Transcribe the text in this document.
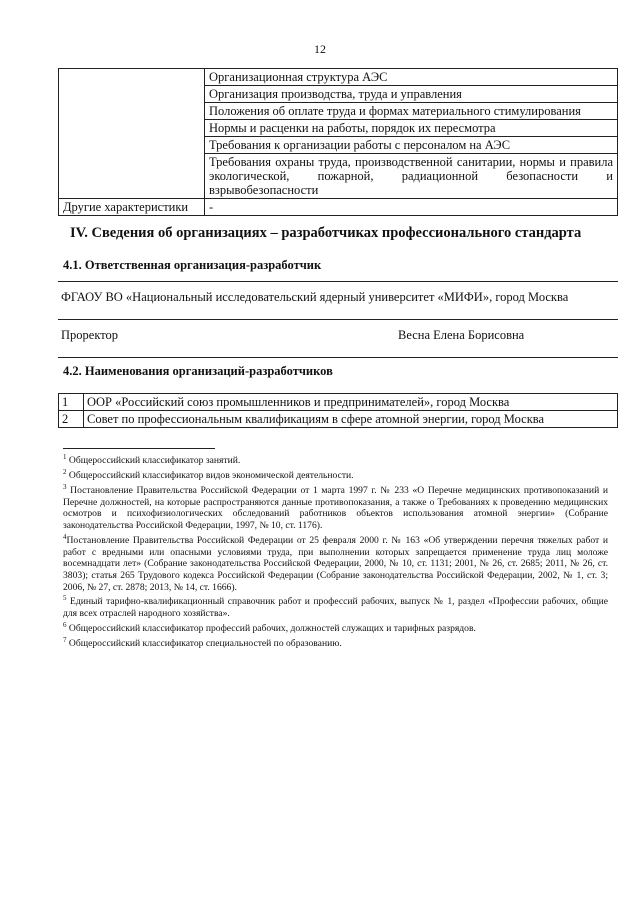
12
	Организационная структура АЭС
	Организация производства, труда и управления
	Положения об оплате труда и формах материального стимулирования
	Нормы и расценки на работы, порядок их пересмотра
	Требования к организации работы с персоналом на АЭС
	Требования охраны труда, производственной санитарии, нормы и правила экологической, пожарной, радиационной безопасности и взрывобезопасности
Другие характеристики	-
IV. Сведения об организациях – разработчиках профессионального стандарта
4.1. Ответственная организация-разработчик
ФГАОУ ВО «Национальный исследовательский ядерный университет «МИФИ», город Москва
Проректор	Весна Елена Борисовна
4.2. Наименования организаций-разработчиков
1	ООР «Российский союз промышленников и предпринимателей», город Москва
2	Совет по профессиональным квалификациям в сфере атомной энергии, город Москва
$^1$ Общероссийский классификатор занятий.
$^2$ Общероссийский классификатор видов экономической деятельности.
$^3$ Постановление Правительства Российской Федерации от 1 марта 1997 г. № 233 «О Перечне медицинских противопоказаний и Перечне должностей, на которые распространяются данные противопоказания, а также о Требованиях к проведению медицинских осмотров и психофизиологических обследований работников объектов использования атомной энергии» (Собрание законодательства Российской Федерации, 1997, № 10, ст. 1176).
$^4$Постановление Правительства Российской Федерации от 25 февраля 2000 г. № 163 «Об утверждении перечня тяжелых работ и работ с вредными или опасными условиями труда, при выполнении которых запрещается применение труда лиц моложе восемнадцати лет» (Собрание законодательства Российской Федерации, 2000, № 10, ст. 1131; 2001, № 26, ст. 2685; 2011, № 26, ст. 3803); статья 265 Трудового кодекса Российской Федерации (Собрание законодательства Российской Федерации, 2002, № 1, ст. 3; 2006, № 27, ст. 2878; 2013, № 14, ст. 1666).
$^5$ Единый тарифно-квалификационный справочник работ и профессий рабочих, выпуск № 1, раздел «Профессии рабочих, общие для всех отраслей народного хозяйства».
$^6$ Общероссийский классификатор профессий рабочих, должностей служащих и тарифных разрядов.
$^7$ Общероссийский классификатор специальностей по образованию.
